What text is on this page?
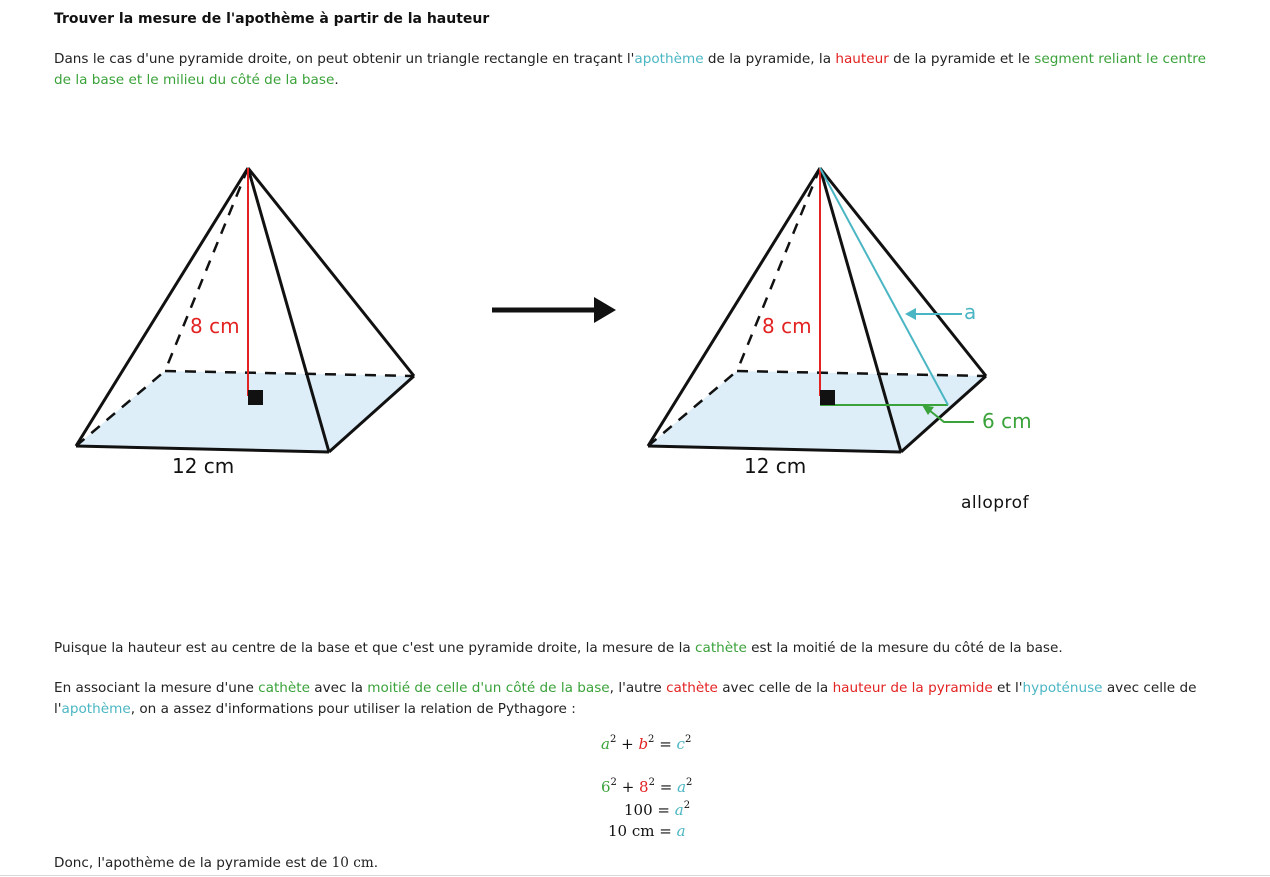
Trouver la mesure de l'apothème à partir de la hauteur
Dans le cas d'une pyramide droite, on peut obtenir un triangle rectangle en traçant l'apothème de la pyramide, la hauteur de la pyramide et le segment reliant le centre de la base et le milieu du côté de la base.
8 cm
12 cm
8 cm
12 cm
a
6 cm
alloprof
Puisque la hauteur est au centre de la base et que c'est une pyramide droite, la mesure de la cathète est la moitié de la mesure du côté de la base.
En associant la mesure d'une cathète avec la moitié de celle d'un côté de la base, l'autre cathète avec celle de la hauteur de la pyramide et l'hypoténuse avec celle de l'apothème, on a assez d'informations pour utiliser la relation de Pythagore :
$a^2 + b^2 = c^2$
$6^2 + 8^2 = a^2$
$100 = a^2$
10 cm = a
Donc, l'apothème de la pyramide est de 10 cm.
